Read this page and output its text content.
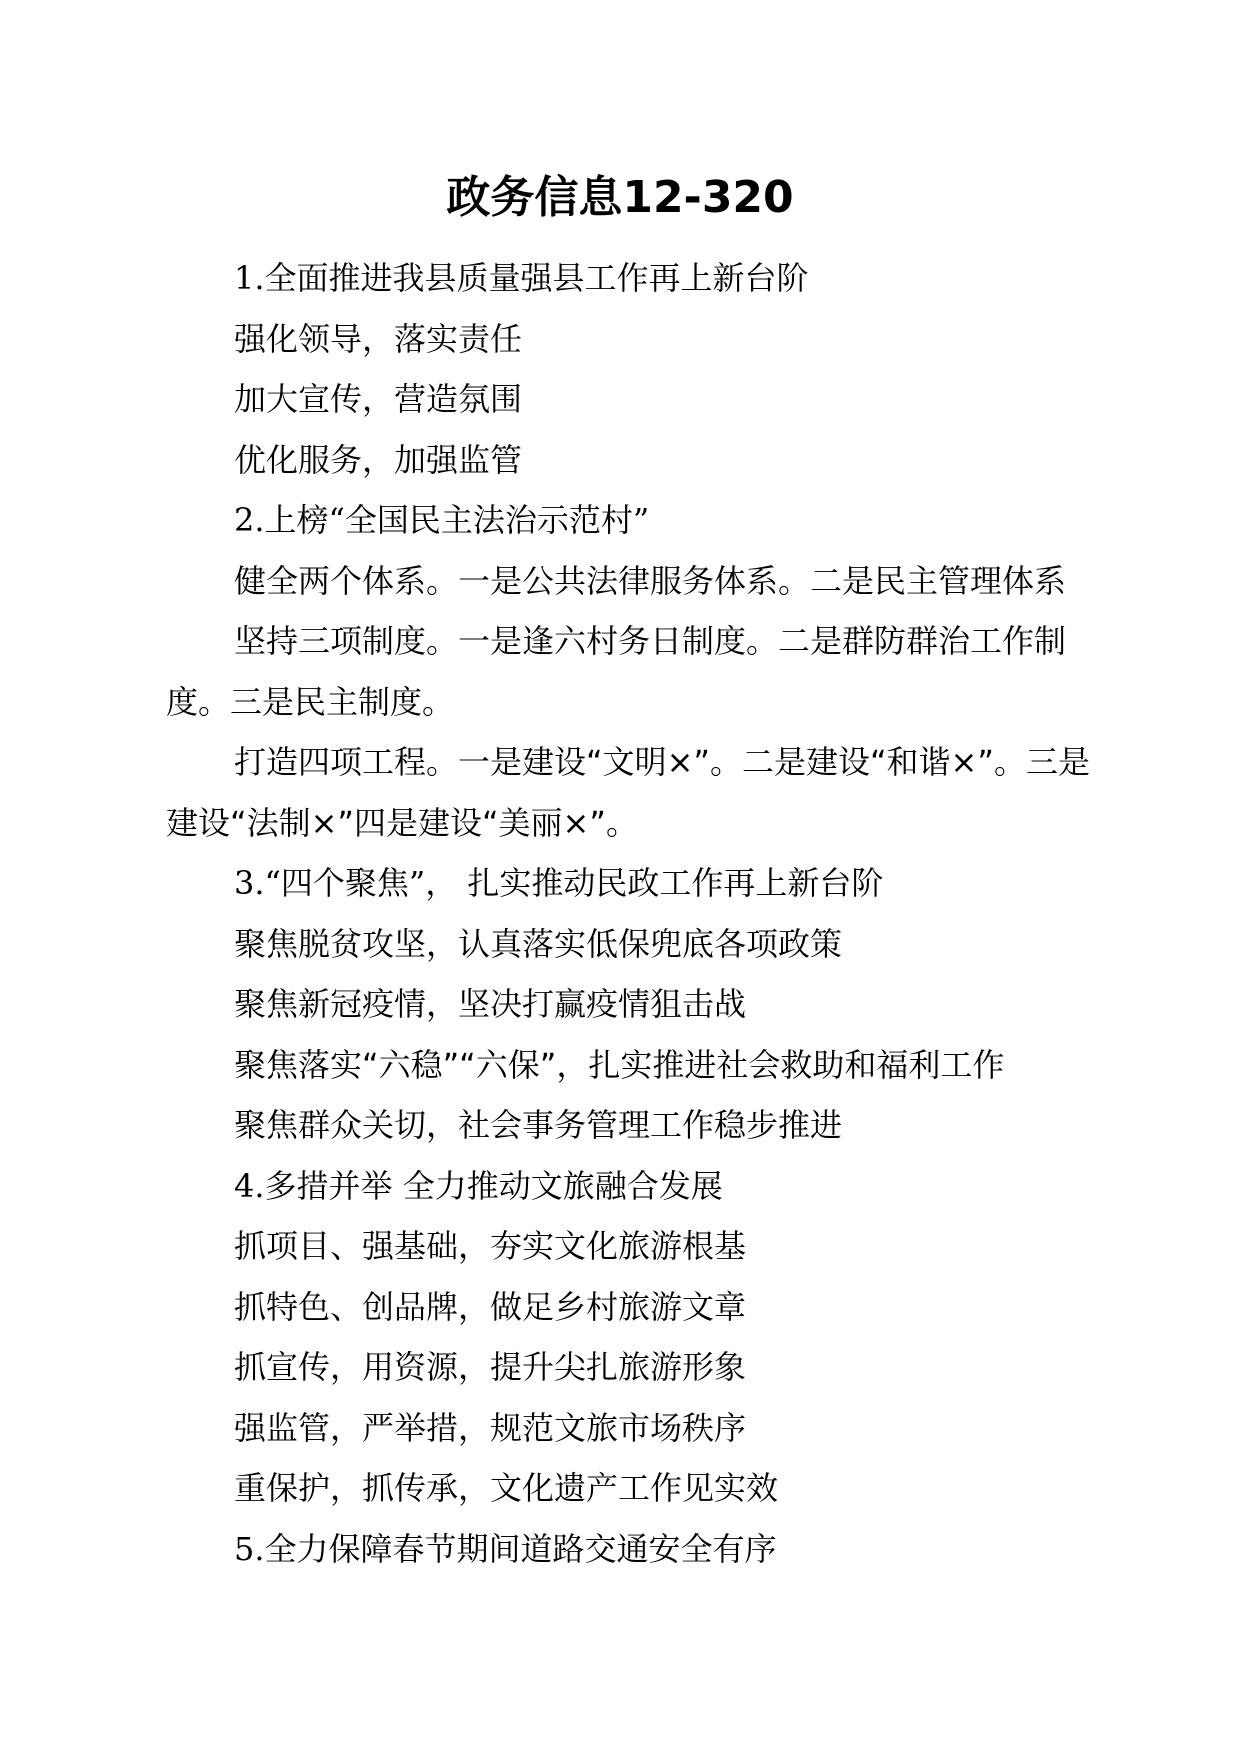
政务信息12-320

1.全面推进我县质量强县工作再上新台阶

强化领导，落实责任

加大宣传，营造氛围

优化服务，加强监管

2.上榜“全国民主法治示范村”

健全两个体系。一是公共法律服务体系。二是民主管理体系

坚持三项制度。一是逢六村务日制度。二是群防群治工作制度。三是民主制度。

打造四项工程。一是建设“文明×”。二是建设“和谐×”。三是建设“法制×”四是建设“美丽×”。

3.“四个聚焦”， 扎实推动民政工作再上新台阶

聚焦脱贫攻坚，认真落实低保兜底各项政策

聚焦新冠疫情，坚决打赢疫情狙击战

聚焦落实“六稳”“六保”，扎实推进社会救助和福利工作

聚焦群众关切，社会事务管理工作稳步推进

4.多措并举 全力推动文旅融合发展

抓项目、强基础，夯实文化旅游根基

抓特色、创品牌，做足乡村旅游文章

抓宣传，用资源，提升尖扎旅游形象

强监管，严举措，规范文旅市场秩序

重保护，抓传承，文化遗产工作见实效

5.全力保障春节期间道路交通安全有序
